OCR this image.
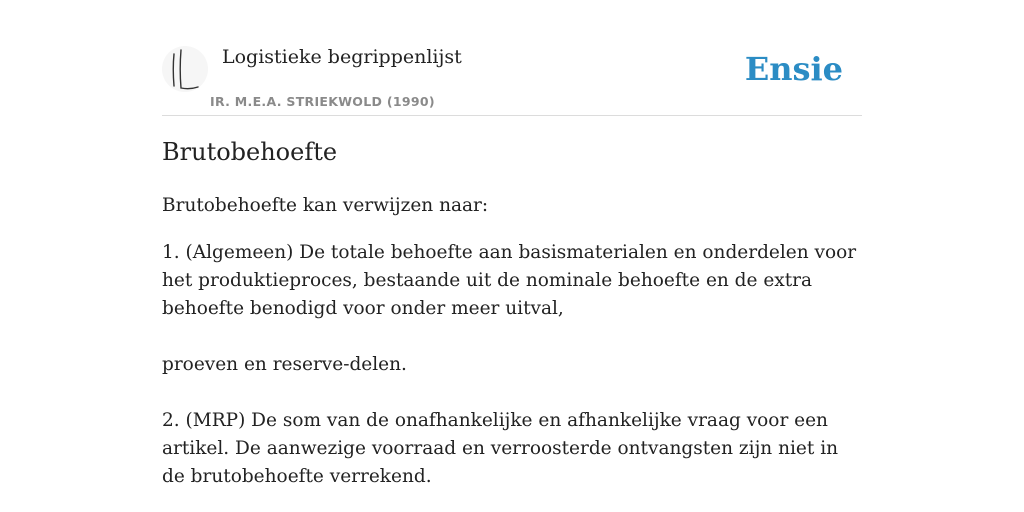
Logistieke begrippenlijst
IR. M.E.A. STRIEKWOLD (1990)
Ensie
Brutobehoefte

Brutobehoefte kan verwijzen naar:

1. (Algemeen) De totale behoefte aan basismaterialen en onderdelen voor het produktieproces, bestaande uit de nominale behoefte en de extra behoefte benodigd voor onder meer uitval,

proeven en reserve-delen.

2. (MRP) De som van de onafhankelijke en afhankelijke vraag voor een artikel. De aanwezige voorraad en verroosterde ontvangsten zijn niet in de brutobehoefte verrekend.
